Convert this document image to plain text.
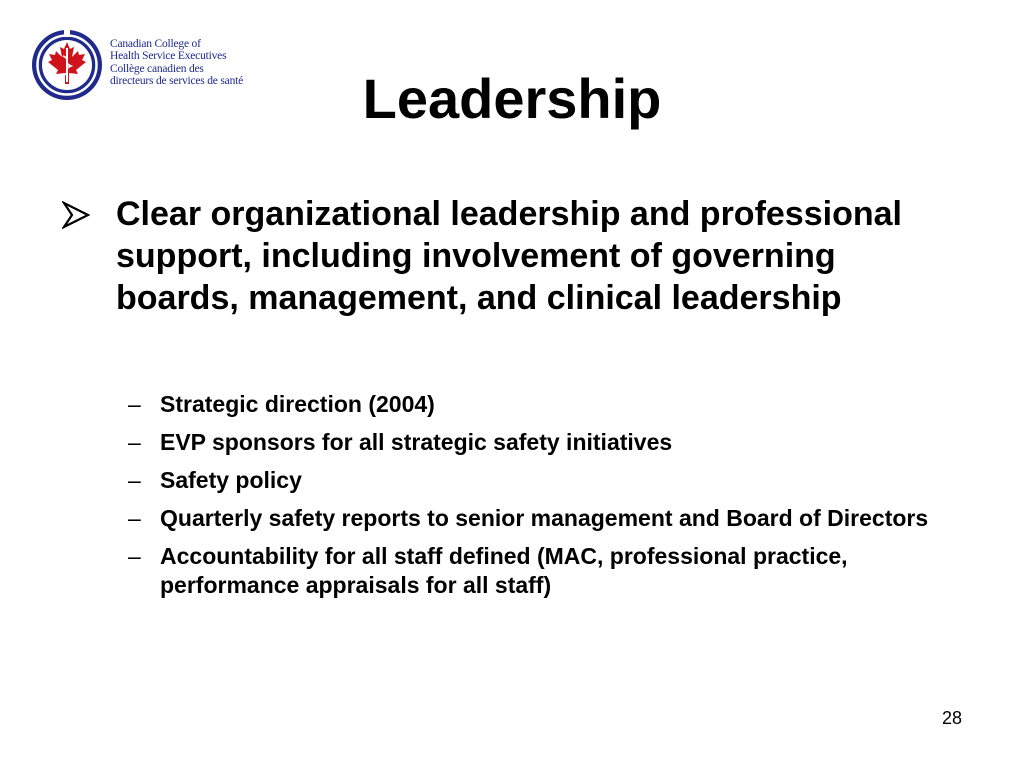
Canadian College of
Health Service Executives
Collège canadien des
directeurs de services de santé	Leadership
Clear organizational leadership and professional support, including involvement of governing boards, management, and clinical leadership
– Strategic direction (2004)
– EVP sponsors for all strategic safety initiatives
– Safety policy
– Quarterly safety reports to senior management and Board of Directors
– Accountability for all staff defined (MAC, professional practice, performance appraisals for all staff)
28
